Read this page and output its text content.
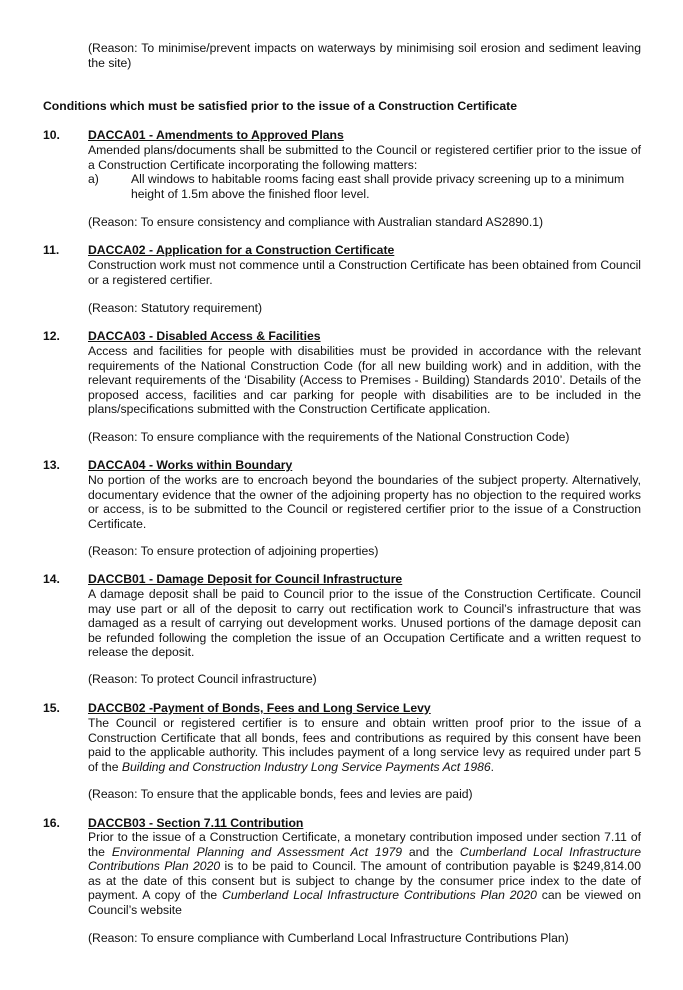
(Reason: To minimise/prevent impacts on waterways by minimising soil erosion and sediment leaving the site)

Conditions which must be satisfied prior to the issue of a Construction Certificate

10. DACCA01 - Amendments to Approved Plans

Amended plans/documents shall be submitted to the Council or registered certifier prior to the issue of a Construction Certificate incorporating the following matters:

a)	All windows to habitable rooms facing east shall provide privacy screening up to a minimum height of 1.5m above the finished floor level.

(Reason: To ensure consistency and compliance with Australian standard AS2890.1)

11. DACCA02 - Application for a Construction Certificate

Construction work must not commence until a Construction Certificate has been obtained from Council or a registered certifier.

(Reason: Statutory requirement)

12. DACCA03 - Disabled Access & Facilities

Access and facilities for people with disabilities must be provided in accordance with the relevant requirements of the National Construction Code (for all new building work) and in addition, with the relevant requirements of the ‘Disability (Access to Premises - Building) Standards 2010’. Details of the proposed access, facilities and car parking for people with disabilities are to be included in the plans/specifications submitted with the Construction Certificate application.

(Reason: To ensure compliance with the requirements of the National Construction Code)

13. DACCA04 - Works within Boundary

No portion of the works are to encroach beyond the boundaries of the subject property. Alternatively, documentary evidence that the owner of the adjoining property has no objection to the required works or access, is to be submitted to the Council or registered certifier prior to the issue of a Construction Certificate.

(Reason: To ensure protection of adjoining properties)

14. DACCB01 - Damage Deposit for Council Infrastructure

A damage deposit shall be paid to Council prior to the issue of the Construction Certificate. Council may use part or all of the deposit to carry out rectification work to Council’s infrastructure that was damaged as a result of carrying out development works. Unused portions of the damage deposit can be refunded following the completion the issue of an Occupation Certificate and a written request to release the deposit.

(Reason: To protect Council infrastructure)

15. DACCB02 -Payment of Bonds, Fees and Long Service Levy

The Council or registered certifier is to ensure and obtain written proof prior to the issue of a Construction Certificate that all bonds, fees and contributions as required by this consent have been paid to the applicable authority. This includes payment of a long service levy as required under part 5 of the Building and Construction Industry Long Service Payments Act 1986.

(Reason: To ensure that the applicable bonds, fees and levies are paid)

16. DACCB03 - Section 7.11 Contribution

Prior to the issue of a Construction Certificate, a monetary contribution imposed under section 7.11 of the Environmental Planning and Assessment Act 1979 and the Cumberland Local Infrastructure Contributions Plan 2020 is to be paid to Council. The amount of contribution payable is $249,814.00 as at the date of this consent but is subject to change by the consumer price index to the date of payment. A copy of the Cumberland Local Infrastructure Contributions Plan 2020 can be viewed on Council’s website

(Reason: To ensure compliance with Cumberland Local Infrastructure Contributions Plan)
